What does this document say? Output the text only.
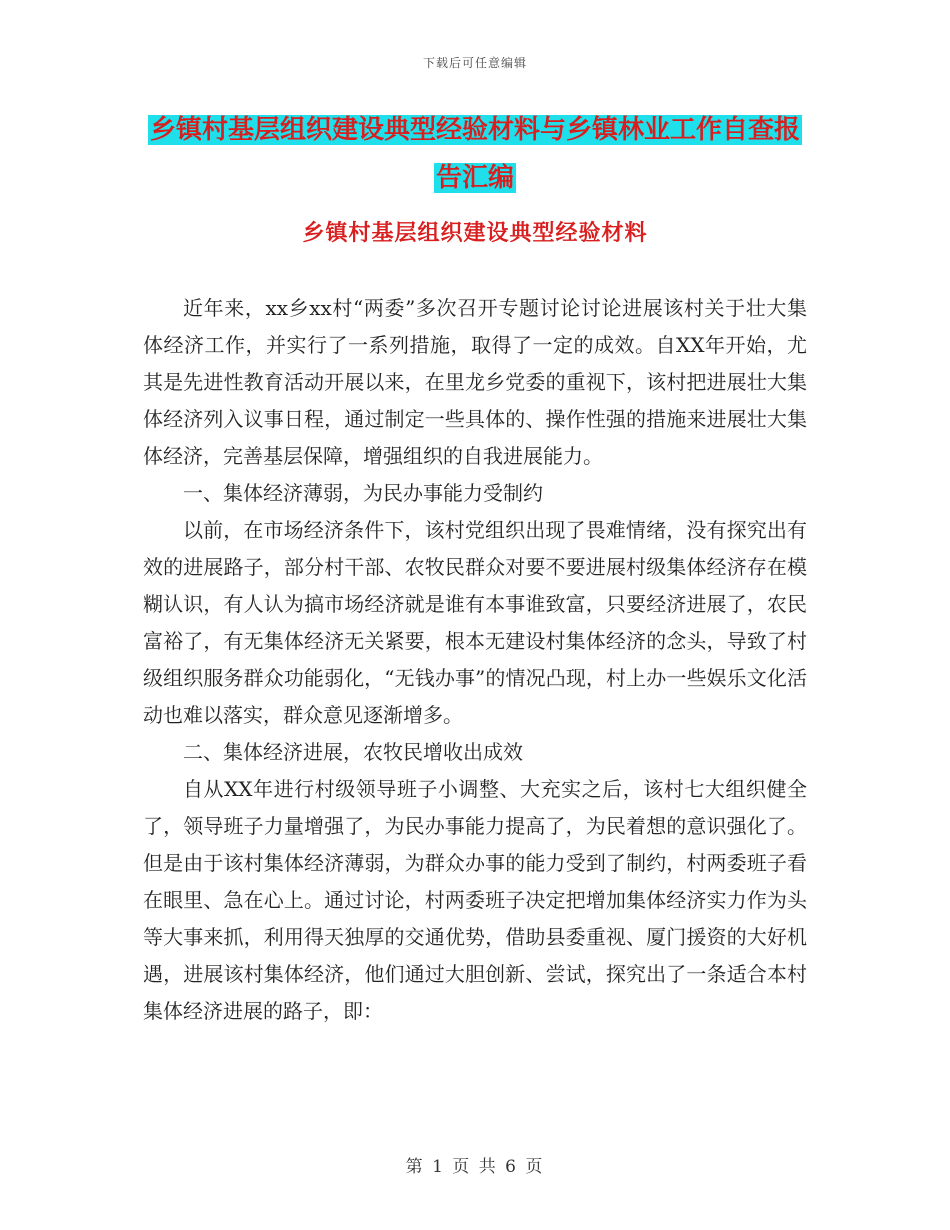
下载后可任意编辑
乡镇村基层组织建设典型经验材料与乡镇林业工作自查报告汇编
乡镇村基层组织建设典型经验材料

近年来，xx乡xx村“两委”多次召开专题讨论讨论进展该村关于壮大集体经济工作，并实行了一系列措施，取得了一定的成效。自XX年开始，尤其是先进性教育活动开展以来，在里龙乡党委的重视下，该村把进展壮大集体经济列入议事日程，通过制定一些具体的、操作性强的措施来进展壮大集体经济，完善基层保障，增强组织的自我进展能力。

一、集体经济薄弱，为民办事能力受制约

以前，在市场经济条件下，该村党组织出现了畏难情绪，没有探究出有效的进展路子，部分村干部、农牧民群众对要不要进展村级集体经济存在模糊认识，有人认为搞市场经济就是谁有本事谁致富，只要经济进展了，农民富裕了，有无集体经济无关紧要，根本无建设村集体经济的念头，导致了村级组织服务群众功能弱化，“无钱办事”的情况凸现，村上办一些娱乐文化活动也难以落实，群众意见逐渐增多。

二、集体经济进展，农牧民增收出成效

自从XX年进行村级领导班子小调整、大充实之后，该村七大组织健全了，领导班子力量增强了，为民办事能力提高了，为民着想的意识强化了。但是由于该村集体经济薄弱，为群众办事的能力受到了制约，村两委班子看在眼里、急在心上。通过讨论，村两委班子决定把增加集体经济实力作为头等大事来抓，利用得天独厚的交通优势，借助县委重视、厦门援资的大好机遇，进展该村集体经济，他们通过大胆创新、尝试，探究出了一条适合本村集体经济进展的路子，即：

第 1 页 共 6 页
